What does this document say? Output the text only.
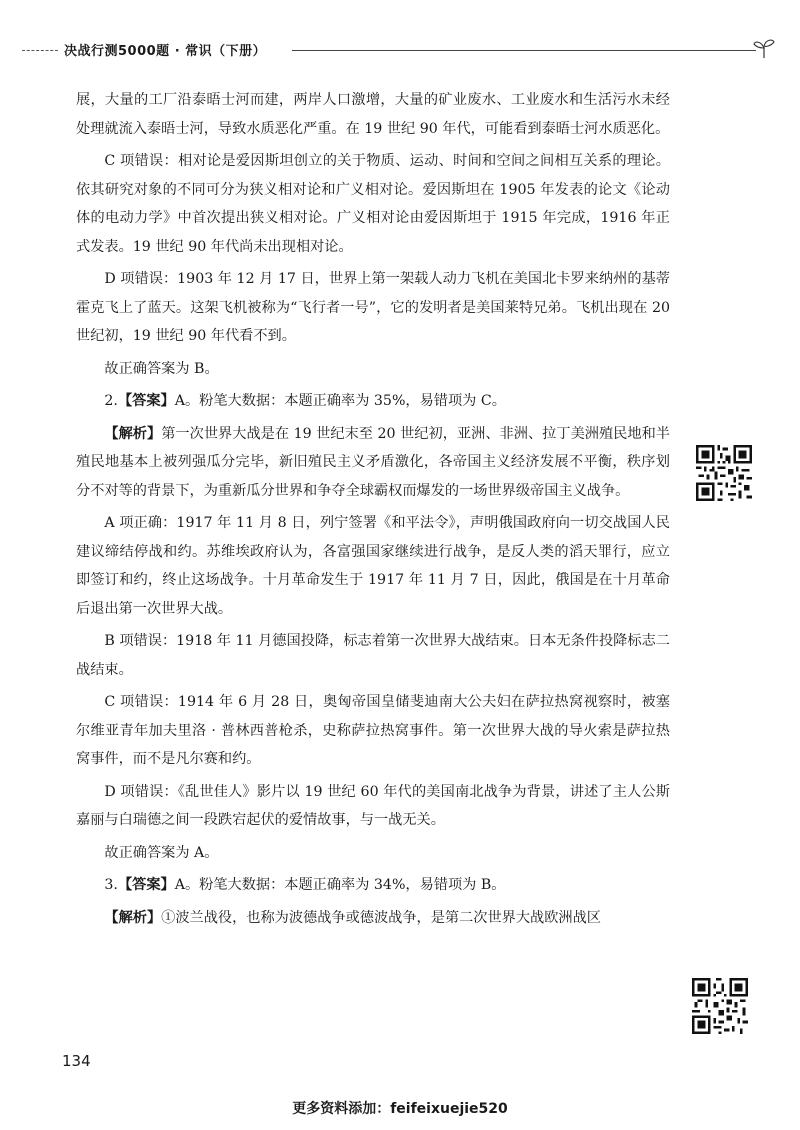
决战行测5000题 · 常识（下册）

展，大量的工厂沿泰晤士河而建，两岸人口激增，大量的矿业废水、工业废水和生活污水未经处理就流入泰晤士河，导致水质恶化严重。在 19 世纪 90 年代，可能看到泰晤士河水质恶化。

C 项错误：相对论是爱因斯坦创立的关于物质、运动、时间和空间之间相互关系的理论。依其研究对象的不同可分为狭义相对论和广义相对论。爱因斯坦在 1905 年发表的论文《论动体的电动力学》中首次提出狭义相对论。广义相对论由爱因斯坦于 1915 年完成，1916 年正式发表。19 世纪 90 年代尚未出现相对论。

D 项错误：1903 年 12 月 17 日，世界上第一架载人动力飞机在美国北卡罗来纳州的基蒂霍克飞上了蓝天。这架飞机被称为“飞行者一号”，它的发明者是美国莱特兄弟。飞机出现在 20 世纪初，19 世纪 90 年代看不到。

故正确答案为 B。

2.【答案】A。粉笔大数据：本题正确率为 35%，易错项为 C。

【解析】第一次世界大战是在 19 世纪末至 20 世纪初，亚洲、非洲、拉丁美洲殖民地和半殖民地基本上被列强瓜分完毕，新旧殖民主义矛盾激化，各帝国主义经济发展不平衡，秩序划分不对等的背景下，为重新瓜分世界和争夺全球霸权而爆发的一场世界级帝国主义战争。

A 项正确：1917 年 11 月 8 日，列宁签署《和平法令》，声明俄国政府向一切交战国人民建议缔结停战和约。苏维埃政府认为，各富强国家继续进行战争，是反人类的滔天罪行，应立即签订和约，终止这场战争。十月革命发生于 1917 年 11 月 7 日，因此，俄国是在十月革命后退出第一次世界大战。

B 项错误：1918 年 11 月德国投降，标志着第一次世界大战结束。日本无条件投降标志二战结束。

C 项错误：1914 年 6 月 28 日，奥匈帝国皇储斐迪南大公夫妇在萨拉热窝视察时，被塞尔维亚青年加夫里洛 · 普林西普枪杀，史称萨拉热窝事件。第一次世界大战的导火索是萨拉热窝事件，而不是凡尔赛和约。

D 项错误：《乱世佳人》影片以 19 世纪 60 年代的美国南北战争为背景，讲述了主人公斯嘉丽与白瑞德之间一段跌宕起伏的爱情故事，与一战无关。

故正确答案为 A。

3.【答案】A。粉笔大数据：本题正确率为 34%，易错项为 B。

【解析】①波兰战役，也称为波德战争或德波战争，是第二次世界大战欧洲战区

134
更多资料添加：feifeixuejie520
